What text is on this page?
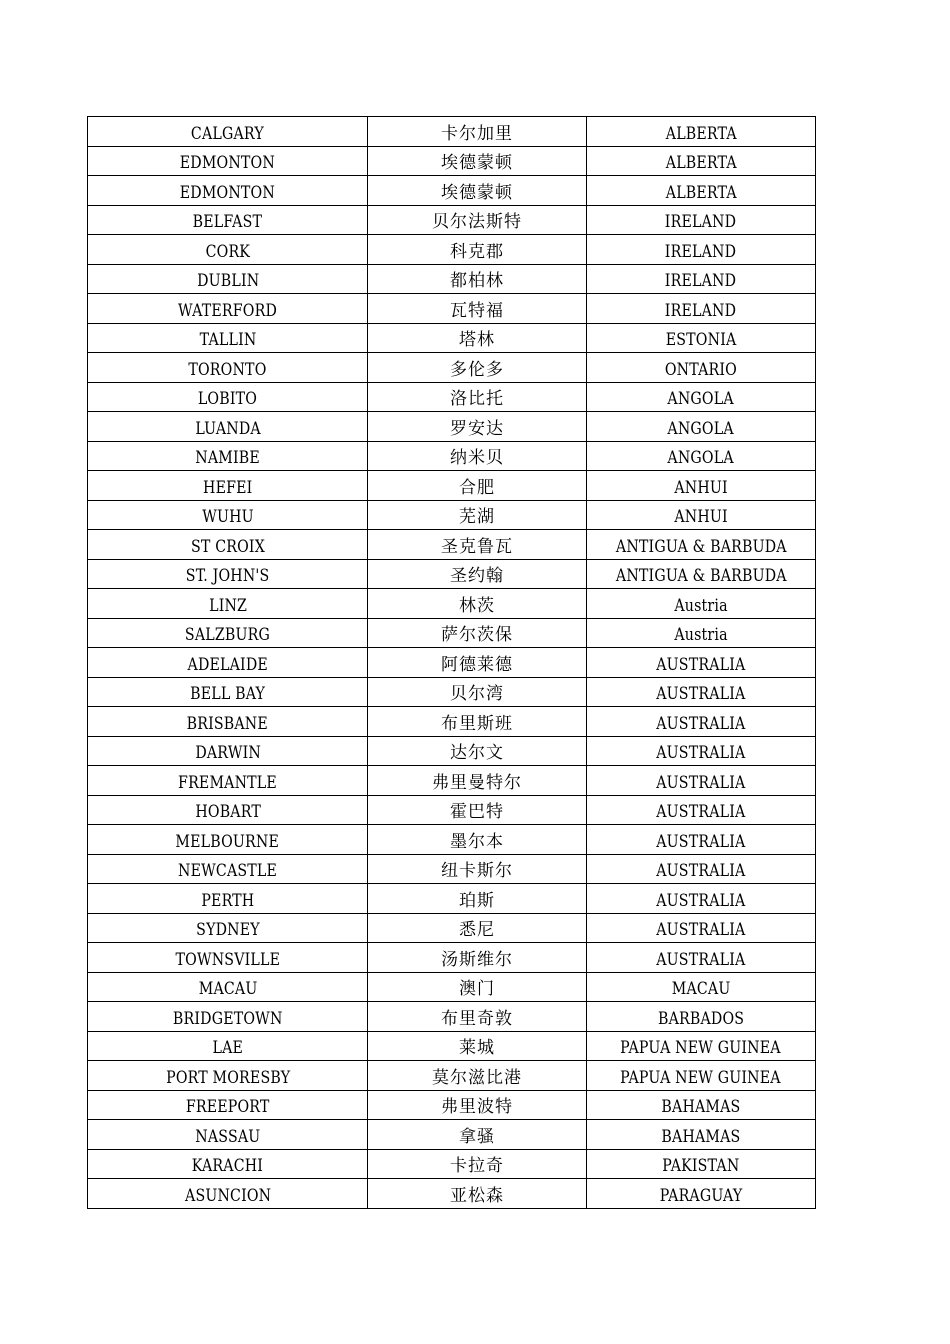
CALGARY	卡尔加里	ALBERTA
EDMONTON	埃德蒙顿	ALBERTA
EDMONTON	埃德蒙顿	ALBERTA
BELFAST	贝尔法斯特	IRELAND
CORK	科克郡	IRELAND
DUBLIN	都柏林	IRELAND
WATERFORD	瓦特福	IRELAND
TALLIN	塔林	ESTONIA
TORONTO	多伦多	ONTARIO
LOBITO	洛比托	ANGOLA
LUANDA	罗安达	ANGOLA
NAMIBE	纳米贝	ANGOLA
HEFEI	合肥	ANHUI
WUHU	芜湖	ANHUI
ST CROIX	圣克鲁瓦	ANTIGUA & BARBUDA
ST. JOHN'S	圣约翰	ANTIGUA & BARBUDA
LINZ	林茨	Austria
SALZBURG	萨尔茨保	Austria
ADELAIDE	阿德莱德	AUSTRALIA
BELL BAY	贝尔湾	AUSTRALIA
BRISBANE	布里斯班	AUSTRALIA
DARWIN	达尔文	AUSTRALIA
FREMANTLE	弗里曼特尔	AUSTRALIA
HOBART	霍巴特	AUSTRALIA
MELBOURNE	墨尔本	AUSTRALIA
NEWCASTLE	纽卡斯尔	AUSTRALIA
PERTH	珀斯	AUSTRALIA
SYDNEY	悉尼	AUSTRALIA
TOWNSVILLE	汤斯维尔	AUSTRALIA
MACAU	澳门	MACAU
BRIDGETOWN	布里奇敦	BARBADOS
LAE	莱城	PAPUA NEW GUINEA
PORT MORESBY	莫尔滋比港	PAPUA NEW GUINEA
FREEPORT	弗里波特	BAHAMAS
NASSAU	拿骚	BAHAMAS
KARACHI	卡拉奇	PAKISTAN
ASUNCION	亚松森	PARAGUAY
